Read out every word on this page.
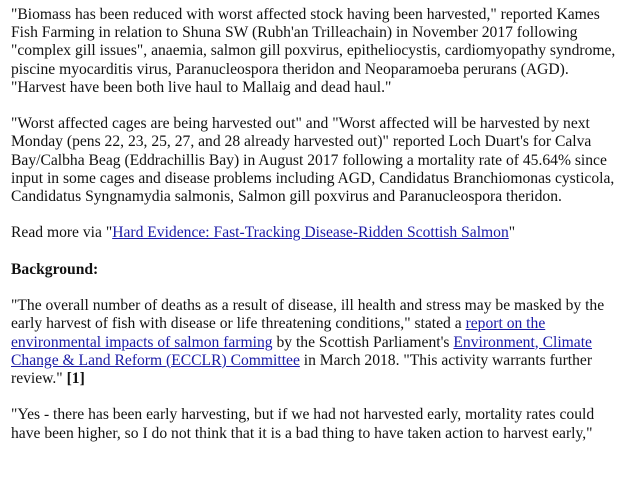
"Biomass has been reduced with worst affected stock having been harvested," reported Kames Fish Farming in relation to Shuna SW (Rubh'an Trilleachain) in November 2017 following "complex gill issues", anaemia, salmon gill poxvirus, epitheliocystis, cardiomyopathy syndrome, piscine myocarditis virus, Paranucleospora theridon and Neoparamoeba perurans (AGD). "Harvest have been both live haul to Mallaig and dead haul."

"Worst affected cages are being harvested out" and "Worst affected will be harvested by next Monday (pens 22, 23, 25, 27, and 28 already harvested out)" reported Loch Duart's for Calva Bay/Calbha Beag (Eddrachillis Bay) in August 2017 following a mortality rate of 45.64% since input in some cages and disease problems including AGD, Candidatus Branchiomonas cysticola, Candidatus Syngnamydia salmonis, Salmon gill poxvirus and Paranucleospora theridon.

Read more via "Hard Evidence: Fast-Tracking Disease-Ridden Scottish Salmon"

Background:

"The overall number of deaths as a result of disease, ill health and stress may be masked by the early harvest of fish with disease or life threatening conditions," stated a report on the environmental impacts of salmon farming by the Scottish Parliament's Environment, Climate Change & Land Reform (ECCLR) Committee in March 2018. "This activity warrants further review." [1]

"Yes - there has been early harvesting, but if we had not harvested early, mortality rates could have been higher, so I do not think that it is a bad thing to have taken action to harvest early,"
